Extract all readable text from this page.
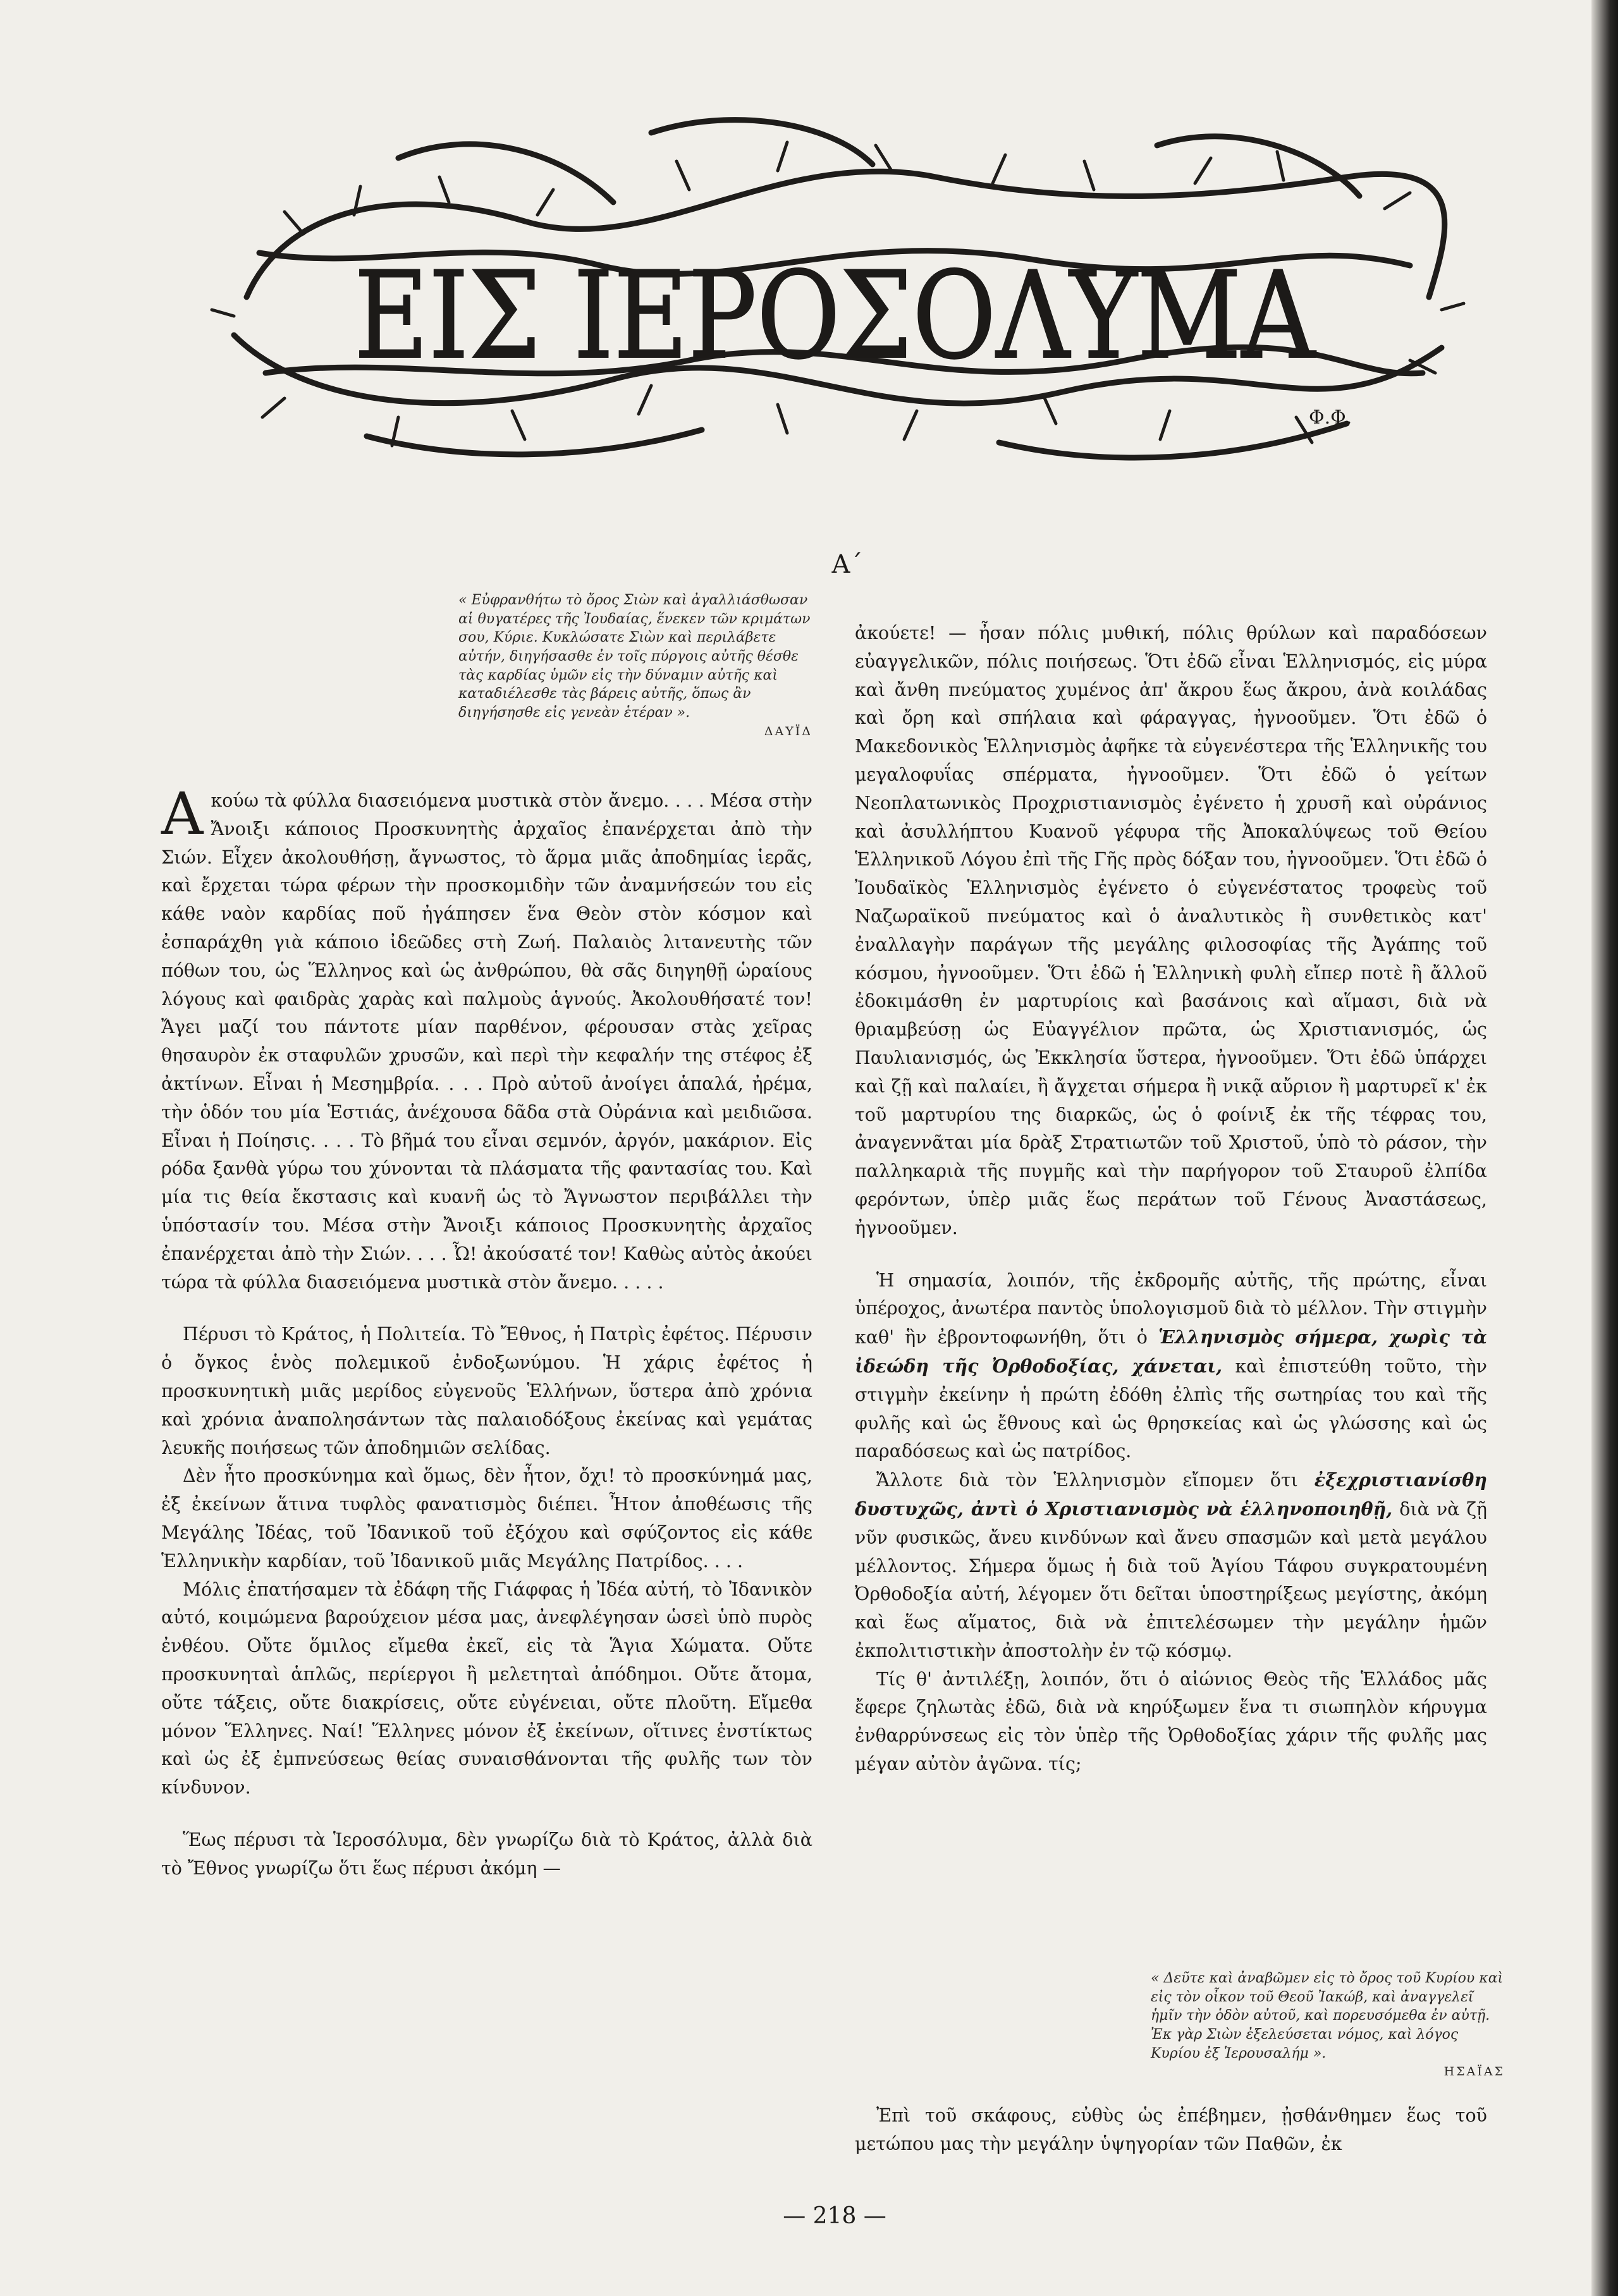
ΕΙΣ ΙΕΡΟΣΟΛΥΜΑ
Φ.Φ.
Α΄
« Εὐφρανθήτω τὸ ὄρος Σιὼν καὶ ἀγαλλιάσθωσαν αἱ θυγατέρες τῆς Ἰουδαίας, ἕνεκεν τῶν κριμάτων σου, Κύριε. Κυκλώσατε Σιὼν καὶ περιλάβετε αὐτήν, διηγήσασθε ἐν τοῖς πύργοις αὐτῆς θέσθε τὰς καρδίας ὑμῶν εἰς τὴν δύναμιν αὐτῆς καὶ καταδιέλεσθε τὰς βάρεις αὐτῆς, ὅπως ἂν διηγήσησθε εἰς γενεὰν ἑτέραν ».
ΔΑΥΪΔ

Ακούω τὰ φύλλα διασειόμενα μυστικὰ στὸν ἄνεμο. . . . Μέσα στὴν Ἄνοιξι κάποιος Προσκυνητὴς ἀρχαῖος ἐπανέρχεται ἀπὸ τὴν Σιών. Εἶχεν ἀκολουθήσῃ, ἄγνωστος, τὸ ἅρμα μιᾶς ἀποδημίας ἱερᾶς, καὶ ἔρχεται τώρα φέρων τὴν προσκομιδὴν τῶν ἀναμνήσεών του εἰς κάθε ναὸν καρδίας ποῦ ἠγάπησεν ἕνα Θεὸν στὸν κόσμον καὶ ἐσπαράχθη γιὰ κάποιο ἰδεῶδες στὴ Ζωή. Παλαιὸς λιτανευτὴς τῶν πόθων του, ὡς Ἕλληνος καὶ ὡς ἀνθρώπου, θὰ σᾶς διηγηθῇ ὡραίους λόγους καὶ φαιδρὰς χαρὰς καὶ παλμοὺς ἁγνούς. Ἀκολουθήσατέ τον! Ἄγει μαζί του πάντοτε μίαν παρθένον, φέρουσαν στὰς χεῖρας θησαυρὸν ἐκ σταφυλῶν χρυσῶν, καὶ περὶ τὴν κεφαλήν της στέφος ἐξ ἀκτίνων. Εἶναι ἡ Μεσημβρία. . . . Πρὸ αὐτοῦ ἀνοίγει ἁπαλά, ἠρέμα, τὴν ὁδόν του μία Ἑστιάς, ἀνέχουσα δᾶδα στὰ Οὐράνια καὶ μειδιῶσα. Εἶναι ἡ Ποίησις. . . . Τὸ βῆμά του εἶναι σεμνόν, ἀργόν, μακάριον. Εἰς ρόδα ξανθὰ γύρω του χύνονται τὰ πλάσματα τῆς φαντασίας του. Καὶ μία τις θεία ἔκστασις καὶ κυανῆ ὡς τὸ Ἄγνωστον περιβάλλει τὴν ὑπόστασίν του. Μέσα στὴν Ἄνοιξι κάποιος Προσκυνητὴς ἀρχαῖος ἐπανέρχεται ἀπὸ τὴν Σιών. . . . Ὦ! ἀκούσατέ τον! Καθὼς αὐτὸς ἀκούει τώρα τὰ φύλλα διασειόμενα μυστικὰ στὸν ἄνεμο. . . . .

Πέρυσι τὸ Κράτος, ἡ Πολιτεία. Τὸ Ἔθνος, ἡ Πατρὶς ἐφέτος. Πέρυσιν ὁ ὄγκος ἑνὸς πολεμικοῦ ἐνδοξωνύμου. Ἡ χάρις ἐφέτος ἡ προσκυνητικὴ μιᾶς μερίδος εὐγενοῦς Ἑλλήνων, ὕστερα ἀπὸ χρόνια καὶ χρόνια ἀναπολησάντων τὰς παλαιοδόξους ἐκείνας καὶ γεμάτας λευκῆς ποιήσεως τῶν ἀποδημιῶν σελίδας.

Δὲν ἦτο προσκύνημα καὶ ὅμως, δὲν ἦτον, ὄχι! τὸ προσκύνημά μας, ἐξ ἐκείνων ἅτινα τυφλὸς φανατισμὸς διέπει. Ἦτον ἀποθέωσις τῆς Μεγάλης Ἰδέας, τοῦ Ἰδανικοῦ τοῦ ἐξόχου καὶ σφύζοντος εἰς κάθε Ἑλληνικὴν καρδίαν, τοῦ Ἰδανικοῦ μιᾶς Μεγάλης Πατρίδος. . . .

Μόλις ἐπατήσαμεν τὰ ἐδάφη τῆς Γιάφφας ἡ Ἰδέα αὐτή, τὸ Ἰδανικὸν αὐτό, κοιμώμενα βαρούχειον μέσα μας, ἀνεφλέγησαν ὡσεὶ ὑπὸ πυρὸς ἐνθέου. Οὔτε ὅμιλος εἴμεθα ἐκεῖ, εἰς τὰ Ἅγια Χώματα. Οὔτε προσκυνηταὶ ἁπλῶς, περίεργοι ἢ μελετηταὶ ἀπόδημοι. Οὔτε ἄτομα, οὔτε τάξεις, οὔτε διακρίσεις, οὔτε εὐγένειαι, οὔτε πλοῦτη. Εἴμεθα μόνον Ἕλληνες. Ναί! Ἕλληνες μόνον ἐξ ἐκείνων, οἵτινες ἐνστίκτως καὶ ὡς ἐξ ἐμπνεύσεως θείας συναισθάνονται τῆς φυλῆς των τὸν κίνδυνον.

Ἕως πέρυσι τὰ Ἱεροσόλυμα, δὲν γνωρίζω διὰ τὸ Κράτος, ἀλλὰ διὰ τὸ Ἔθνος γνωρίζω ὅτι ἕως πέρυσι ἀκόμη —

ἀκούετε! — ἦσαν πόλις μυθική, πόλις θρύλων καὶ παραδόσεων εὐαγγελικῶν, πόλις ποιήσεως. Ὅτι ἐδῶ εἶναι Ἑλληνισμός, εἰς μύρα καὶ ἄνθη πνεύματος χυμένος ἀπ' ἄκρου ἕως ἄκρου, ἀνὰ κοιλάδας καὶ ὄρη καὶ σπήλαια καὶ φάραγγας, ἠγνοοῦμεν. Ὅτι ἐδῶ ὁ Μακεδονικὸς Ἑλληνισμὸς ἀφῆκε τὰ εὐγενέστερα τῆς Ἑλληνικῆς του μεγαλοφυΐας σπέρματα, ἠγνοοῦμεν. Ὅτι ἐδῶ ὁ γείτων Νεοπλατωνικὸς Προχριστιανισμὸς ἐγένετο ἡ χρυσῆ καὶ οὐράνιος καὶ ἀσυλλήπτου Κυανοῦ γέφυρα τῆς Ἀποκαλύψεως τοῦ Θείου Ἑλληνικοῦ Λόγου ἐπὶ τῆς Γῆς πρὸς δόξαν του, ἠγνοοῦμεν. Ὅτι ἐδῶ ὁ Ἰουδαϊκὸς Ἑλληνισμὸς ἐγένετο ὁ εὐγενέστατος τροφεὺς τοῦ Ναζωραϊκοῦ πνεύματος καὶ ὁ ἀναλυτικὸς ἢ συνθετικὸς κατ' ἐναλλαγὴν παράγων τῆς μεγάλης φιλοσοφίας τῆς Ἀγάπης τοῦ κόσμου, ἠγνοοῦμεν. Ὅτι ἐδῶ ἡ Ἑλληνικὴ φυλὴ εἴπερ ποτὲ ἢ ἄλλοῦ ἐδοκιμάσθη ἐν μαρτυρίοις καὶ βασάνοις καὶ αἵμασι, διὰ νὰ θριαμβεύσῃ ὡς Εὐαγγέλιον πρῶτα, ὡς Χριστιανισμός, ὡς Παυλιανισμός, ὡς Ἐκκλησία ὕστερα, ἠγνοοῦμεν. Ὅτι ἐδῶ ὑπάρχει καὶ ζῇ καὶ παλαίει, ἢ ἄγχεται σήμερα ἢ νικᾷ αὔριον ἢ μαρτυρεῖ κ' ἐκ τοῦ μαρτυρίου της διαρκῶς, ὡς ὁ φοίνιξ ἐκ τῆς τέφρας του, ἀναγεννᾶται μία δρὰξ Στρατιωτῶν τοῦ Χριστοῦ, ὑπὸ τὸ ράσον, τὴν παλληκαριὰ τῆς πυγμῆς καὶ τὴν παρήγορον τοῦ Σταυροῦ ἐλπίδα φερόντων, ὑπὲρ μιᾶς ἕως περάτων τοῦ Γένους Ἀναστάσεως, ἠγνοοῦμεν.

Ἡ σημασία, λοιπόν, τῆς ἐκδρομῆς αὐτῆς, τῆς πρώτης, εἶναι ὑπέροχος, ἀνωτέρα παντὸς ὑπολογισμοῦ διὰ τὸ μέλλον. Τὴν στιγμὴν καθ' ἣν ἐβροντοφωνήθη, ὅτι ὁ Ἑλληνισμὸς σήμερα, χωρὶς τὰ ἰδεώδη τῆς Ὀρθοδοξίας, χάνεται, καὶ ἐπιστεύθη τοῦτο, τὴν στιγμὴν ἐκείνην ἡ πρώτη ἐδόθη ἐλπὶς τῆς σωτηρίας του καὶ τῆς φυλῆς καὶ ὡς ἔθνους καὶ ὡς θρησκείας καὶ ὡς γλώσσης καὶ ὡς παραδόσεως καὶ ὡς πατρίδος.

Ἄλλοτε διὰ τὸν Ἑλληνισμὸν εἴπομεν ὅτι ἐξεχριστιανίσθη δυστυχῶς, ἀντὶ ὁ Χριστιανισμὸς νὰ ἑλληνοποιηθῇ, διὰ νὰ ζῇ νῦν φυσικῶς, ἄνευ κινδύνων καὶ ἄνευ σπασμῶν καὶ μετὰ μεγάλου μέλλοντος. Σήμερα ὅμως ἡ διὰ τοῦ Ἁγίου Τάφου συγκρατουμένη Ὀρθοδοξία αὐτή, λέγομεν ὅτι δεῖται ὑποστηρίξεως μεγίστης, ἀκόμη καὶ ἕως αἵματος, διὰ νὰ ἐπιτελέσωμεν τὴν μεγάλην ἡμῶν ἐκπολιτιστικὴν ἀποστολὴν ἐν τῷ κόσμῳ.

Τίς θ' ἀντιλέξῃ, λοιπόν, ὅτι ὁ αἰώνιος Θεὸς τῆς Ἑλλάδος μᾶς ἔφερε ζηλωτὰς ἐδῶ, διὰ νὰ κηρύξωμεν ἕνα τι σιωπηλὸν κήρυγμα ἐνθαρρύνσεως εἰς τὸν ὑπὲρ τῆς Ὀρθοδοξίας χάριν τῆς φυλῆς μας μέγαν αὐτὸν ἀγῶνα. τίς;

« Δεῦτε καὶ ἀναβῶμεν εἰς τὸ ὄρος τοῦ Κυρίου καὶ εἰς τὸν οἶκον τοῦ Θεοῦ Ἰακώβ, καὶ ἀναγγελεῖ ἡμῖν τὴν ὁδὸν αὐτοῦ, καὶ πορευσόμεθα ἐν αὐτῇ. Ἐκ γὰρ Σιὼν ἐξελεύσεται νόμος, καὶ λόγος Κυρίου ἐξ Ἱερουσαλήμ ».
ΗΣΑΪΑΣ

Ἐπὶ τοῦ σκάφους, εὐθὺς ὡς ἐπέβημεν, ᾐσθάνθημεν ἕως τοῦ μετώπου μας τὴν μεγάλην ὑψηγορίαν τῶν Παθῶν, ἐκ

— 218 —
